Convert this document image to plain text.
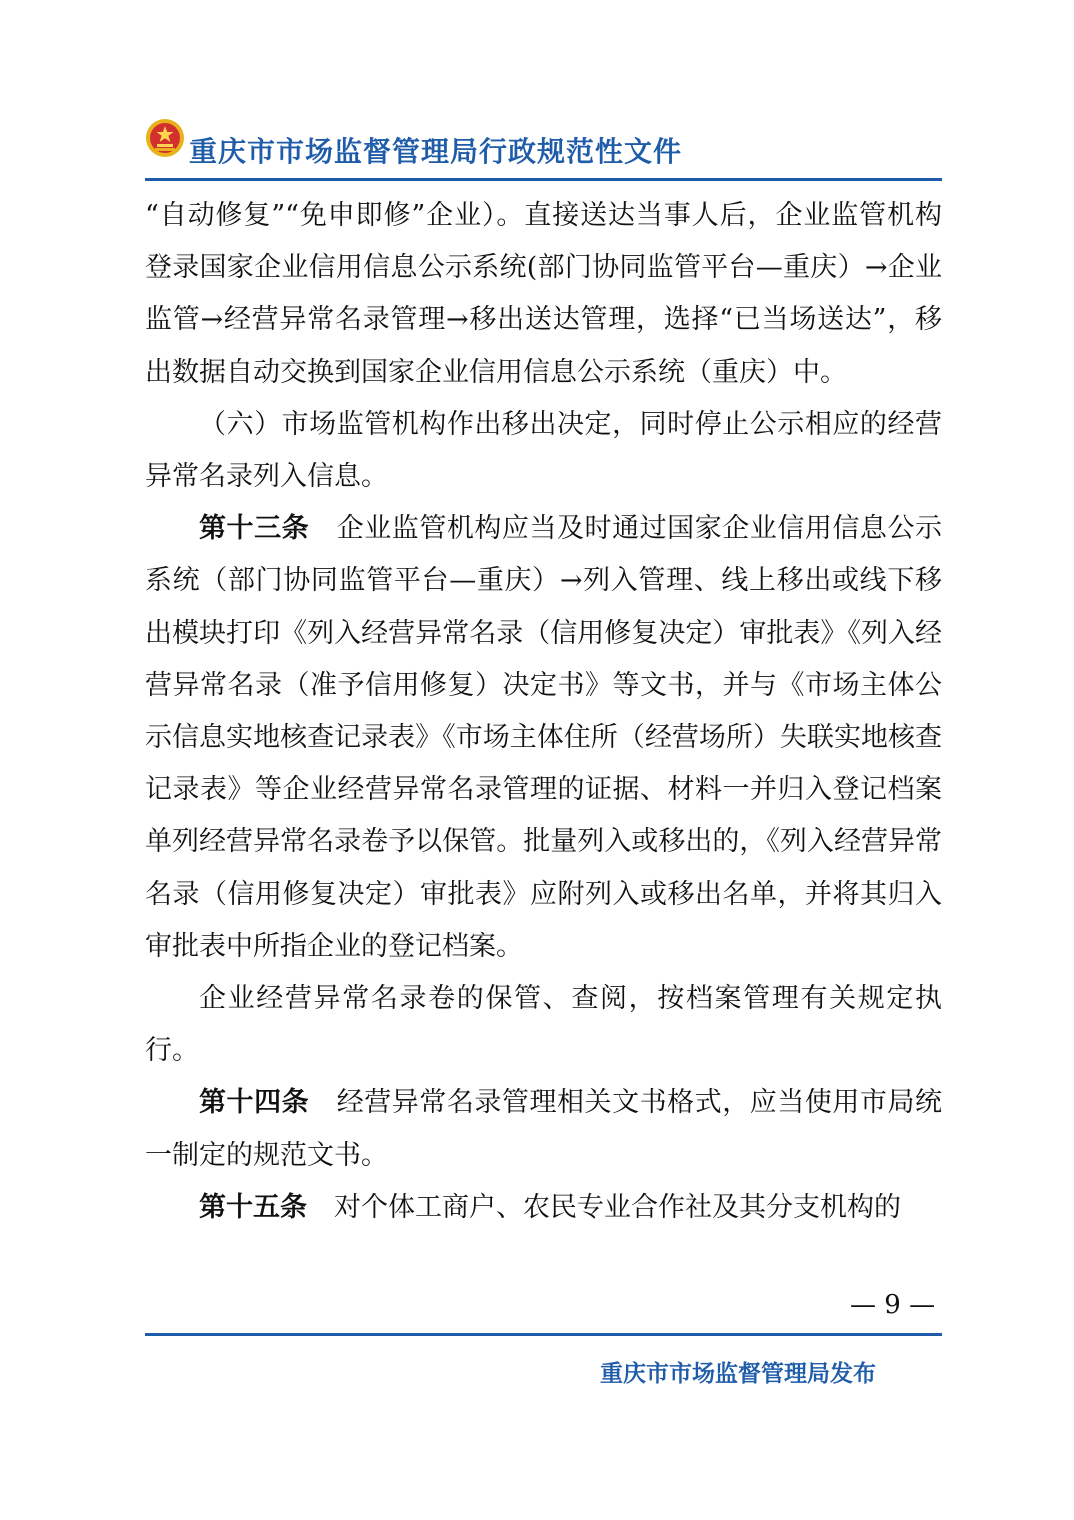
重庆市市场监督管理局行政规范性文件

“自动修复”“免申即修”企业）。直接送达当事人后，企业监管机构登录国家企业信用信息公示系统(部门协同监管平台—重庆）→企业监管→经营异常名录管理→移出送达管理，选择“已当场送达”，移出数据自动交换到国家企业信用信息公示系统（重庆）中。

（六）市场监管机构作出移出决定，同时停止公示相应的经营异常名录列入信息。

第十三条　 企业监管机构应当及时通过国家企业信用信息公示系统（部门协同监管平台—重庆）→列入管理、线上移出或线下移出模块打印《列入经营异常名录（信用修复决定）审批表》《列入经营异常名录（准予信用修复）决定书》等文书，并与《市场主体公示信息实地核查记录表》《市场主体住所（经营场所）失联实地核查记录表》等企业经营异常名录管理的证据、材料一并归入登记档案单列经营异常名录卷予以保管。批量列入或移出的，《列入经营异常名录（信用修复决定）审批表》应附列入或移出名单，并将其归入审批表中所指企业的登记档案。

企业经营异常名录卷的保管、查阅，按档案管理有关规定执行。

第十四条　 经营异常名录管理相关文书格式，应当使用市局统一制定的规范文书。

第十五条　 对个体工商户、农民专业合作社及其分支机构的

— 9 —
重庆市市场监督管理局发布
